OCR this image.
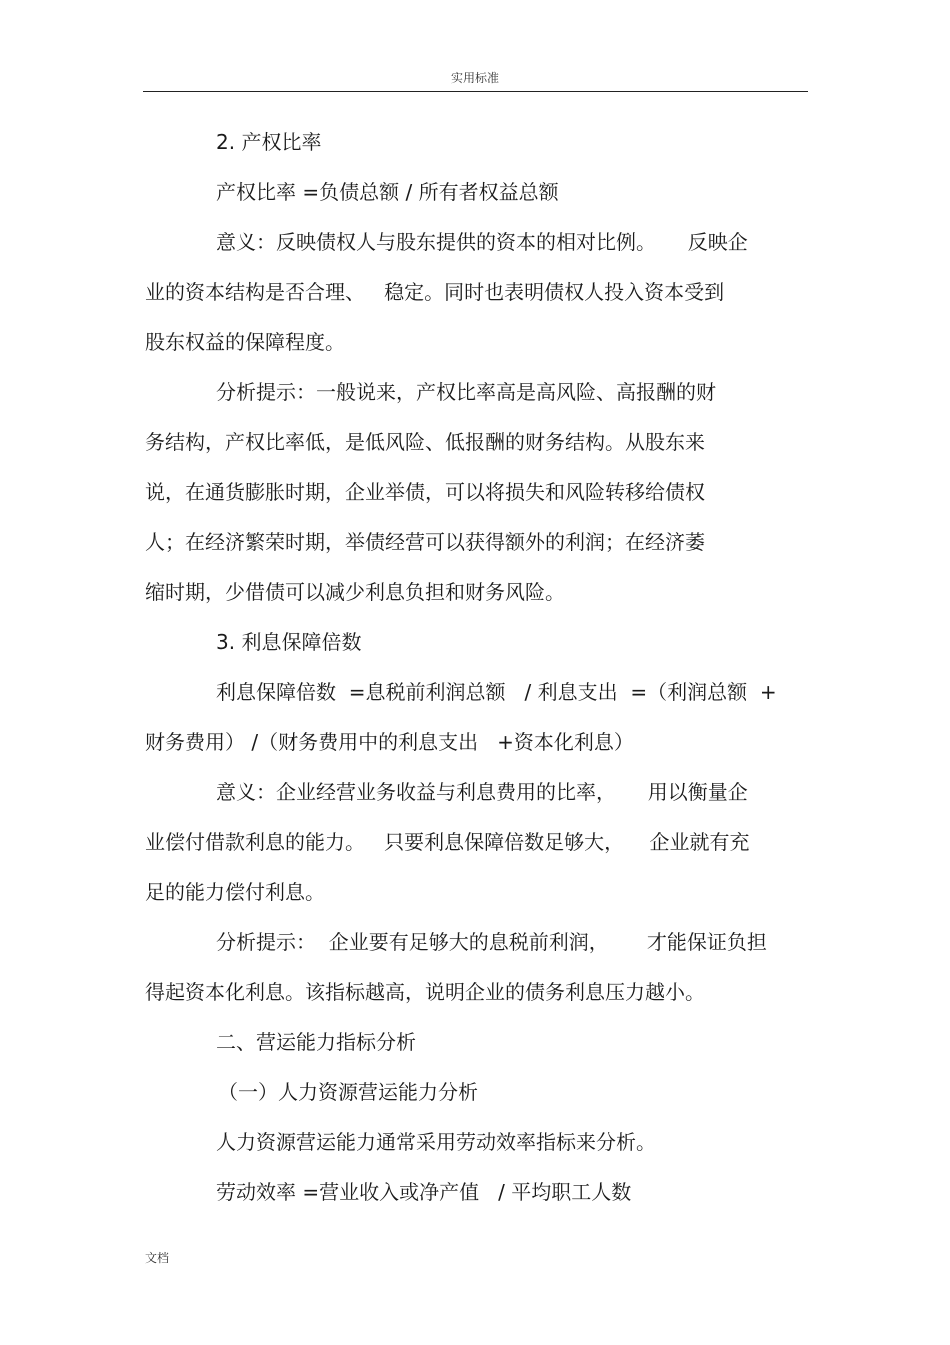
实用标准
2. 产权比率
产权比率 =负债总额 / 所有者权益总额
意义：反映债权人与股东提供的资本的相对比例。     反映企
业的资本结构是否合理、   稳定。同时也表明债权人投入资本受到
股东权益的保障程度。
分析提示：一般说来，产权比率高是高风险、高报酬的财
务结构，产权比率低，是低风险、低报酬的财务结构。从股东来
说，在通货膨胀时期，企业举债，可以将损失和风险转移给债权
人；在经济繁荣时期，举债经营可以获得额外的利润；在经济萎
缩时期，少借债可以减少利息负担和财务风险。
3. 利息保障倍数
利息保障倍数  =息税前利润总额   / 利息支出  =（利润总额  +
财务费用） /（财务费用中的利息支出   +资本化利息）
意义：企业经营业务收益与利息费用的比率，     用以衡量企
业偿付借款利息的能力。   只要利息保障倍数足够大，    企业就有充
足的能力偿付利息。
分析提示：  企业要有足够大的息税前利润，      才能保证负担
得起资本化利息。该指标越高，说明企业的债务利息压力越小。
二、营运能力指标分析
（一）人力资源营运能力分析
人力资源营运能力通常采用劳动效率指标来分析。
劳动效率 =营业收入或净产值   / 平均职工人数
文档
